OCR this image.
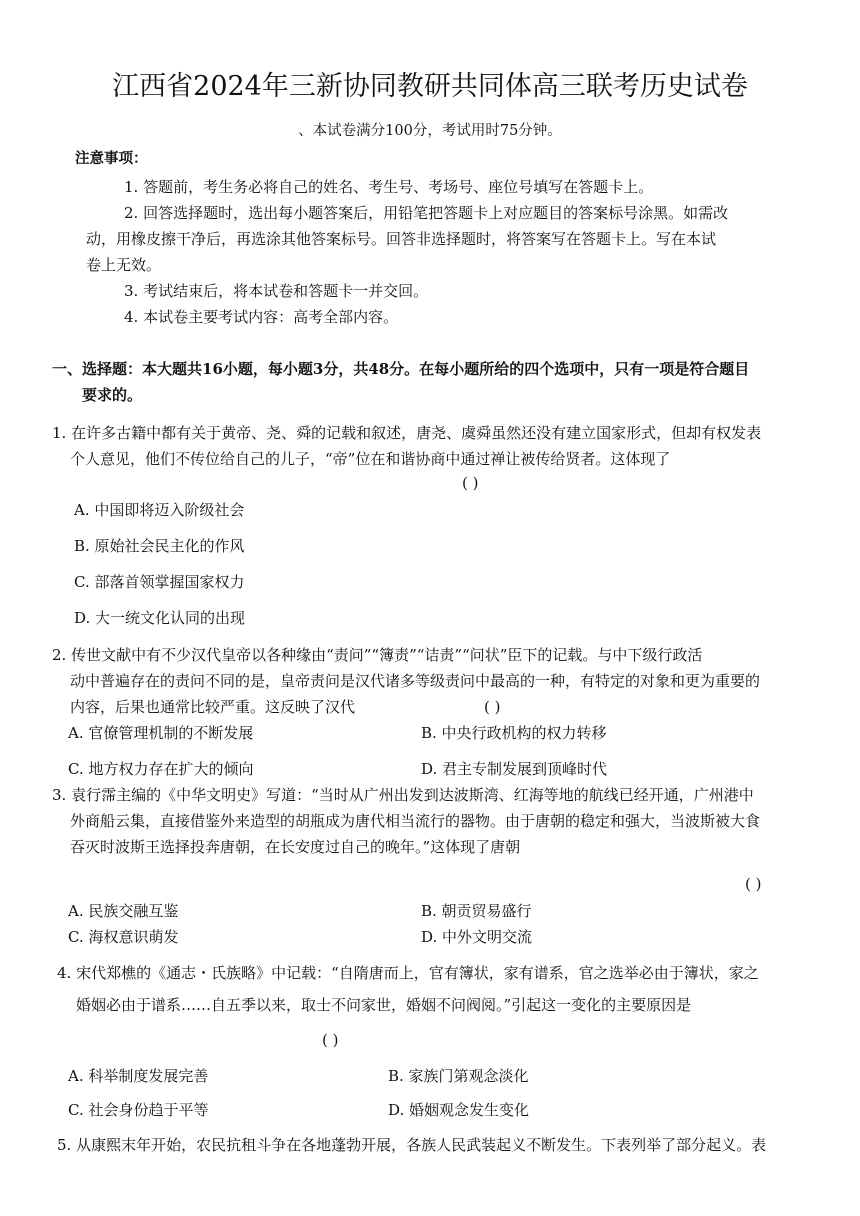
江西省2024年三新协同教研共同体高三联考历史试卷
、本试卷满分100分，考试用时75分钟。
注意事项：
1. 答题前，考生务必将自己的姓名、考生号、考场号、座位号填写在答题卡上。
2. 回答选择题时，选出每小题答案后，用铅笔把答题卡上对应题目的答案标号涂黑。如需改
动，用橡皮擦干净后，再选涂其他答案标号。回答非选择题时，将答案写在答题卡上。写在本试
卷上无效。
3. 考试结束后，将本试卷和答题卡一并交回。
4. 本试卷主要考试内容：高考全部内容。
一、选择题：本大题共16小题，每小题3分，共48分。在每小题所给的四个选项中，只有一项是符合题目
要求的。
1. 在许多古籍中都有关于黄帝、尧、舜的记载和叙述，唐尧、虞舜虽然还没有建立国家形式，但却有权发表
个人意见，他们不传位给自己的儿子，“帝”位在和谐协商中通过禅让被传给贤者。这体现了
( )
A. 中国即将迈入阶级社会
B. 原始社会民主化的作风
C. 部落首领掌握国家权力
D. 大一统文化认同的出现
2. 传世文献中有不少汉代皇帝以各种缘由“责问”“簿责”“诘责”“问状”臣下的记载。与中下级行政活
动中普遍存在的责问不同的是，皇帝责问是汉代诸多等级责问中最高的一种，有特定的对象和更为重要的
内容，后果也通常比较严重。这反映了汉代	( )
A. 官僚管理机制的不断发展	B. 中央行政机构的权力转移
C. 地方权力存在扩大的倾向	D. 君主专制发展到顶峰时代
3. 袁行霈主编的《中华文明史》写道：“当时从广州出发到达波斯湾、红海等地的航线已经开通，广州港中
外商船云集，直接借鉴外来造型的胡瓶成为唐代相当流行的器物。由于唐朝的稳定和强大，当波斯被大食
吞灭时波斯王选择投奔唐朝，在长安度过自己的晚年。”这体现了唐朝
( )
A. 民族交融互鉴	B. 朝贡贸易盛行
C. 海权意识萌发	D. 中外文明交流
4. 宋代郑樵的《通志・氏族略》中记载：“自隋唐而上，官有簿状，家有谱系，官之选举必由于簿状，家之
婚姻必由于谱系……自五季以来，取士不问家世，婚姻不问阀阅。”引起这一变化的主要原因是
( )
A. 科举制度发展完善	B. 家族门第观念淡化
C. 社会身份趋于平等	D. 婚姻观念发生变化
5. 从康熙末年开始，农民抗租斗争在各地蓬勃开展，各族人民武装起义不断发生。下表列举了部分起义。表
